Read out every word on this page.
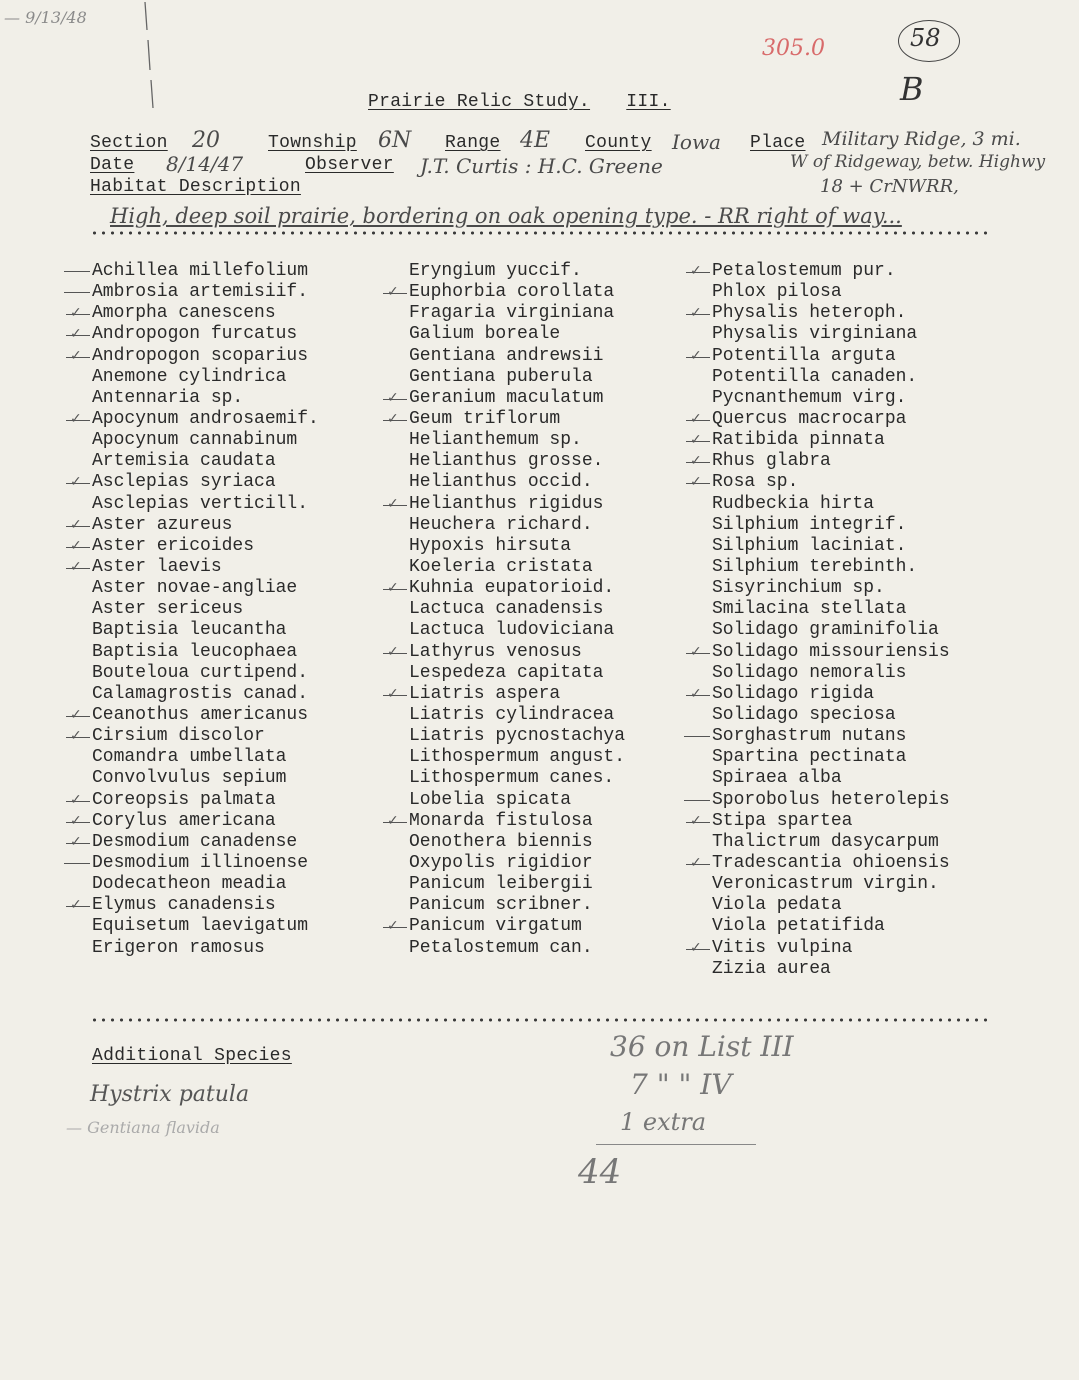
— 9/13/48
305.0	58
B
Prairie Relic Study. III.
Section 20	Township 6N Range 4E County Iowa Place Military Ridge, 3 mi.
Date 8/14/47	Observer J.T. Curtis : H.C. Greene	W of Ridgeway, betw. Highwy
Habitat Description	18 + CrNWRR,
High, deep soil prairie, bordering on oak opening type. - RR right of way...
Achillea millefolium
Ambrosia artemisiif.
Amorpha canescens
Andropogon furcatus
Andropogon scoparius
Anemone cylindrica
Antennaria sp.
Apocynum androsaemif.
Apocynum cannabinum
Artemisia caudata
Asclepias syriaca
Asclepias verticill.
Aster azureus
Aster ericoides
Aster laevis
Aster novae-angliae
Aster sericeus
Baptisia leucantha
Baptisia leucophaea
Bouteloua curtipend.
Calamagrostis canad.
Ceanothus americanus
Cirsium discolor
Comandra umbellata
Convolvulus sepium
Coreopsis palmata
Corylus americana
Desmodium canadense
Desmodium illinoense
Dodecatheon meadia
Elymus canadensis
Equisetum laevigatum
Erigeron ramosus
Eryngium yuccif.
Euphorbia corollata
Fragaria virginiana
Galium boreale
Gentiana andrewsii
Gentiana puberula
Geranium maculatum
Geum triflorum
Helianthemum sp.
Helianthus grosse.
Helianthus occid.
Helianthus rigidus
Heuchera richard.
Hypoxis hirsuta
Koeleria cristata
Kuhnia eupatorioid.
Lactuca canadensis
Lactuca ludoviciana
Lathyrus venosus
Lespedeza capitata
Liatris aspera
Liatris cylindracea
Liatris pycnostachya
Lithospermum angust.
Lithospermum canes.
Lobelia spicata
Monarda fistulosa
Oenothera biennis
Oxypolis rigidior
Panicum leibergii
Panicum scribner.
Panicum virgatum
Petalostemum can.
Petalostemum pur.
Phlox pilosa
Physalis heteroph.
Physalis virginiana
Potentilla arguta
Potentilla canaden.
Pycnanthemum virg.
Quercus macrocarpa
Ratibida pinnata
Rhus glabra
Rosa sp.
Rudbeckia hirta
Silphium integrif.
Silphium laciniat.
Silphium terebinth.
Sisyrinchium sp.
Smilacina stellata
Solidago graminifolia
Solidago missouriensis
Solidago nemoralis
Solidago rigida
Solidago speciosa
Sorghastrum nutans
Spartina pectinata
Spiraea alba
Sporobolus heterolepis
Stipa spartea
Thalictrum dasycarpum
Tradescantia ohioensis
Veronicastrum virgin.
Viola pedata
Viola petatifida
Vitis vulpina
Zizia aurea
Additional Species
Hystrix patula
— Gentiana flavida
36 on List III
7 " " IV
1 extra
44
